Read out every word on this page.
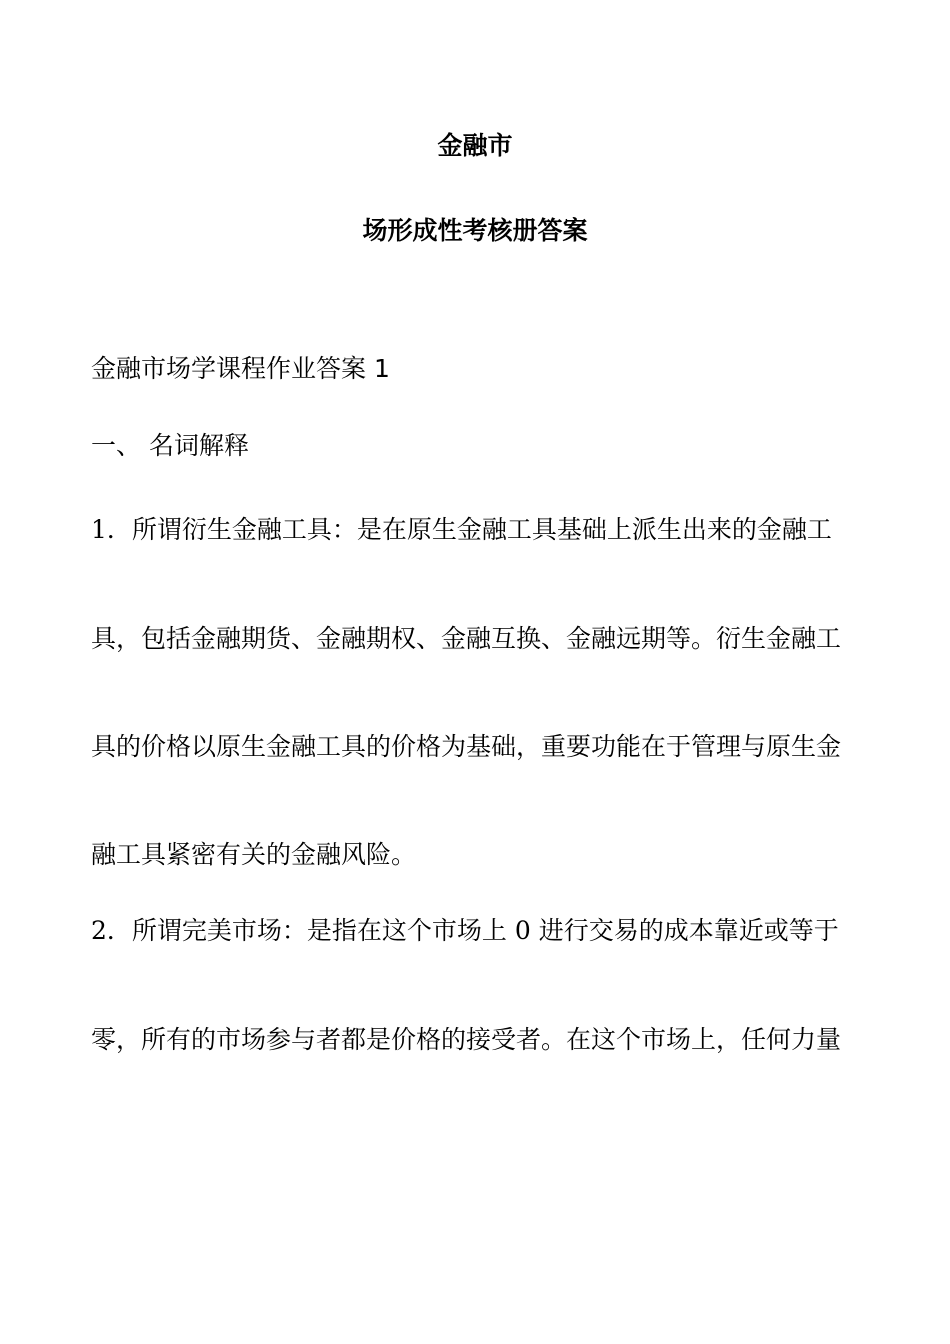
金融市
场形成性考核册答案

金融市场学课程作业答案 1

一、 名词解释

1．所谓衍生金融工具：是在原生金融工具基础上派生出来的金融工

具，包括金融期货、金融期权、金融互换、金融远期等。衍生金融工

具的价格以原生金融工具的价格为基础，重要功能在于管理与原生金

融工具紧密有关的金融风险。

2．所谓完美市场：是指在这个市场上 0 进行交易的成本靠近或等于

零，所有的市场参与者都是价格的接受者。在这个市场上，任何力量
